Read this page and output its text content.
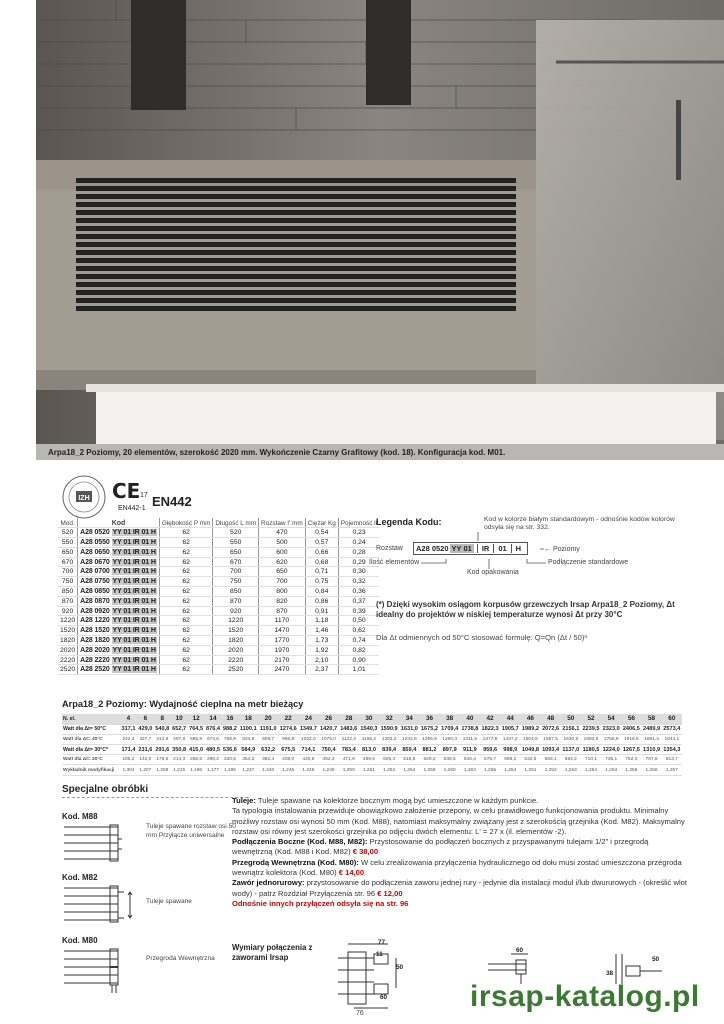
Arpa18_2 Poziomy, 20 elementów, szerokość 2020 mm. Wykończenie Czarny Grafitowy (kod. 18). Konfiguracja kod. M01.
IZH CE 17 EN442
EN442-1
Mod.	Kod	Głębokość P mm	Długość L mm	Rozstaw I' mm	Ciężar Kg	Pojemność lt
520	A28 0520 YY 01 IR 01 H	62	520	470	0,54	0,23
550	A28 0550 YY 01 IR 01 H	62	550	500	0,57	0,24
650	A28 0650 YY 01 IR 01 H	62	650	600	0,66	0,28
670	A28 0670 YY 01 IR 01 H	62	670	620	0,68	0,29
700	A28 0700 YY 01 IR 01 H	62	700	650	0,71	0,30
750	A28 0750 YY 01 IR 01 H	62	750	700	0,75	0,32
850	A28 0850 YY 01 IR 01 H	62	850	800	0,84	0,36
870	A28 0870 YY 01 IR 01 H	62	870	820	0,86	0,37
920	A28 0920 YY 01 IR 01 H	62	920	870	0,91	0,39
1220	A28 1220 YY 01 IR 01 H	62	1220	1170	1,18	0,50
1520	A28 1520 YY 01 IR 01 H	62	1520	1470	1,46	0,62
1820	A28 1820 YY 01 IR 01 H	62	1820	1770	1,73	0,74
2020	A28 2020 YY 01 IR 01 H	62	2020	1970	1,92	0,82
2220	A28 2220 YY 01 IR 01 H	62	2220	2170	2,10	0,90
2520	A28 2520 YY 01 IR 01 H	62	2520	2470	2,37	1,01
Legenda Kodu:	Kod w kolorze białym standardowym - odnośnie kodów kolorów odsyła się na str. 332.
Rozstaw	A28 0520 YY 01 IR 01 H	← Poziomy
Podłączenie standardowe
Ilość elementów
Kod opakowania
(*) Dzięki wysokim osiągom korpusów grzewczych Irsap Arpa18_2 Poziomy, Δt idealny do projektów w niskiej temperaturze wynosi Δt przy 30°C
Dla Δt odmiennych od 50°C stosować formułę: Q=Qn (Δt / 50)ⁿ
Arpa18_2 Poziomy: Wydajność cieplna na metr bieżący
N. el.	4	6	8	10	12	14	16	18	20	22	24	26	28	30	32	34	36	38	40	42	44	46	48	50	52	54	56	58	60
Watt dla Δt= 50°C	317,1	429,0	540,8	652,7	764,5	876,4	988,2	1100,1	1191,0	1274,6	1349,7	1420,7	1483,6	1540,3	1590,9	1631,0	1675,2	1709,4	1738,8	1822,3	1905,7	1989,2	2072,6	2156,1	2239,5	2323,0	2406,5	2489,9	2573,4
Watt dla Δt= 40°C	242,4	327,7	412,9	497,8	585,9	674,6	758,9	834,8	909,7	965,8	1022,0	1075,0	1122,4	1165,2	1203,2	1232,8	1265,9	1290,3	1311,6	1377,6	1437,2	1504,6	1567,5	1630,5	1693,5	1755,9	1818,6	1881,4	1944,1
Watt dla Δt= 30°C*	171,4	231,6	291,6	350,8	415,0	480,5	536,6	584,9	632,2	675,5	714,1	750,4	783,4	813,0	839,4	859,4	881,2	897,9	911,9	959,6	998,9	1049,8	1093,4	1137,0	1180,5	1224,0	1267,5	1310,9	1354,3
Watt dla Δt= 20°C	105,2	142,0	178,6	214,3	255,5	298,2	330,5	354,2	382,4	408,0	430,8	452,2	471,9	489,6	505,3	516,8	529,2	538,6	546,4	576,7	598,2	632,5	658,1	684,2	710,1	736,1	762,0	787,8	813,7
Wykładnik modyfikacji	1,304	1,207	1,209	1,215	1,196	1,177	1,195	1,237	1,240	1,245	1,246	1,249	1,250	1,251	1,252	1,254	1,258	1,260	1,263	1,256	1,264	1,251	1,252	1,253	1,254	1,254	1,255	1,256	1,257
Specjalne obróbki
Kod. M88
Tuleje spawane rozstaw osi 50 mm Przyłącze uniwersalne
Kod. M82
Tuleje spawane
Kod. M80
Przegroda Wewnętrzna
Tuleje: Tuleje spawane na kolektorze bocznym mogą być umieszczone w każdym punkcie.
Ta typologia instalowania przewiduje obowiązkowo założenie przepony, w celu prawidłowego funkcjonowania produktu. Minimalny możliwy rozstaw osi wynosi 50 mm (Kod. M88), natomiast maksymalny związany jest z szerokością grzejnika (Kod. M82). Maksymalny rozstaw osi równy jest szerokości grzejnika po odjęciu dwóch elementu: L' = 27 x (il. elementów -2).
Podłączenia Boczne (Kod. M88, M82): Przystosowanie do podłączeń bocznych z przyspawanymi tulejami 1/2" i przegrodą wewnętrzną (Kod. M88 i Kod. M82) € 38,00
Przegrodą Wewnętrzna (Kod. M80): W celu zrealizowania przyłączenia hydraulicznego od dołu musi zostać umieszczona przegroda wewnątrz kolektora (Kod. M80) € 14,00
Zawór jednorurowy: przystosowanie do podłączenia zaworu jednej rury - jedynie dla instalacji modul i/lub dwururowych - (określić wlot wody) - patrz Rozdział Przyłączenia str. 96 € 12,00
Odnośnie innych przyłączeń odsyła się na str. 96
Wymiary połączenia z zaworami Irsap
77
11
50
60
60
38
50
76
irsap-katalog.pl
